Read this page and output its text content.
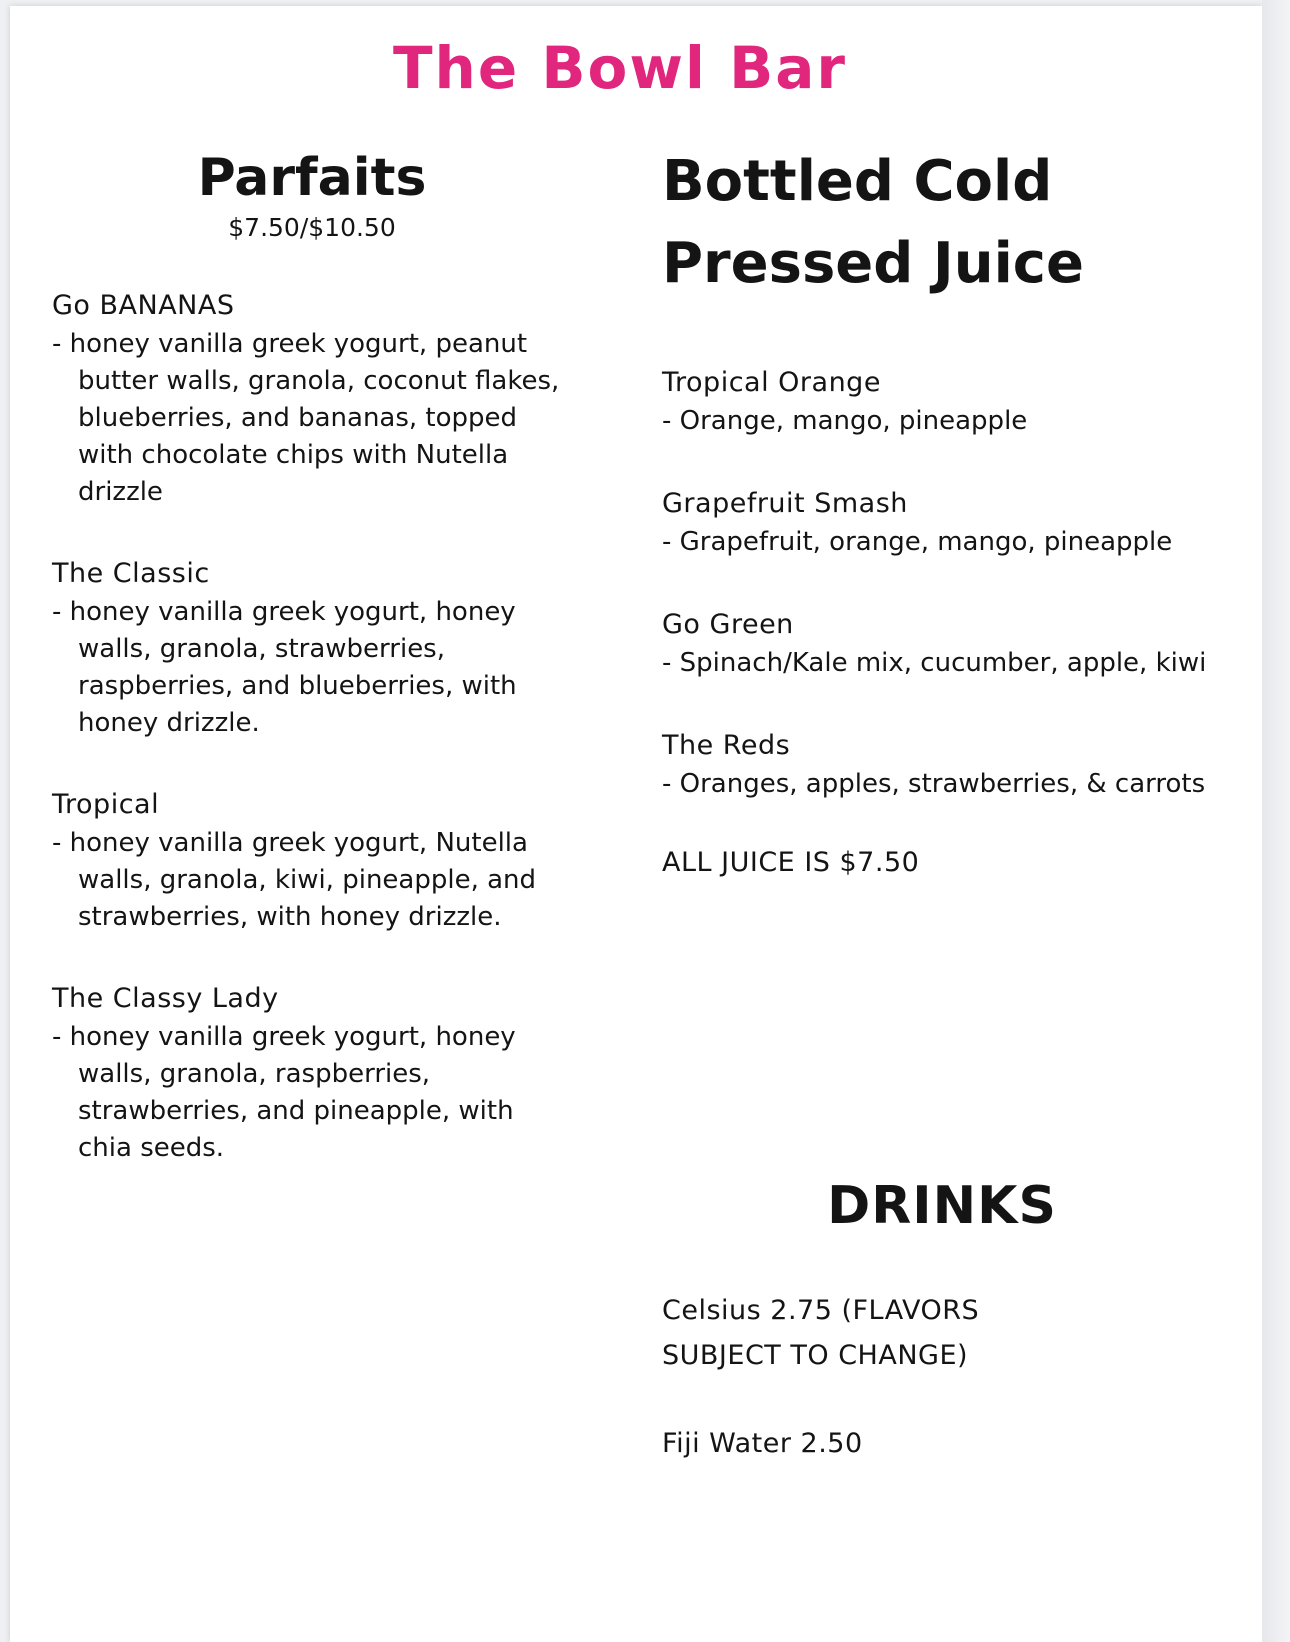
The Bowl Bar
Parfaits
$7.50/$10.50
Go BANANAS
- honey vanilla greek yogurt, peanut butter walls, granola, coconut flakes, blueberries, and bananas, topped with chocolate chips with Nutella drizzle
The Classic
- honey vanilla greek yogurt, honey walls, granola, strawberries, raspberries, and blueberries, with honey drizzle.
Tropical
- honey vanilla greek yogurt, Nutella walls, granola, kiwi, pineapple, and strawberries, with honey drizzle.
The Classy Lady
- honey vanilla greek yogurt, honey walls, granola, raspberries, strawberries, and pineapple, with chia seeds.
Bottled Cold
Pressed Juice
Tropical Orange
- Orange, mango, pineapple
Grapefruit Smash
- Grapefruit, orange, mango, pineapple
Go Green
- Spinach/Kale mix, cucumber, apple, kiwi
The Reds
- Oranges, apples, strawberries, & carrots
ALL JUICE IS $7.50
DRINKS
Celsius 2.75 (FLAVORS SUBJECT TO CHANGE)
Fiji Water 2.50
